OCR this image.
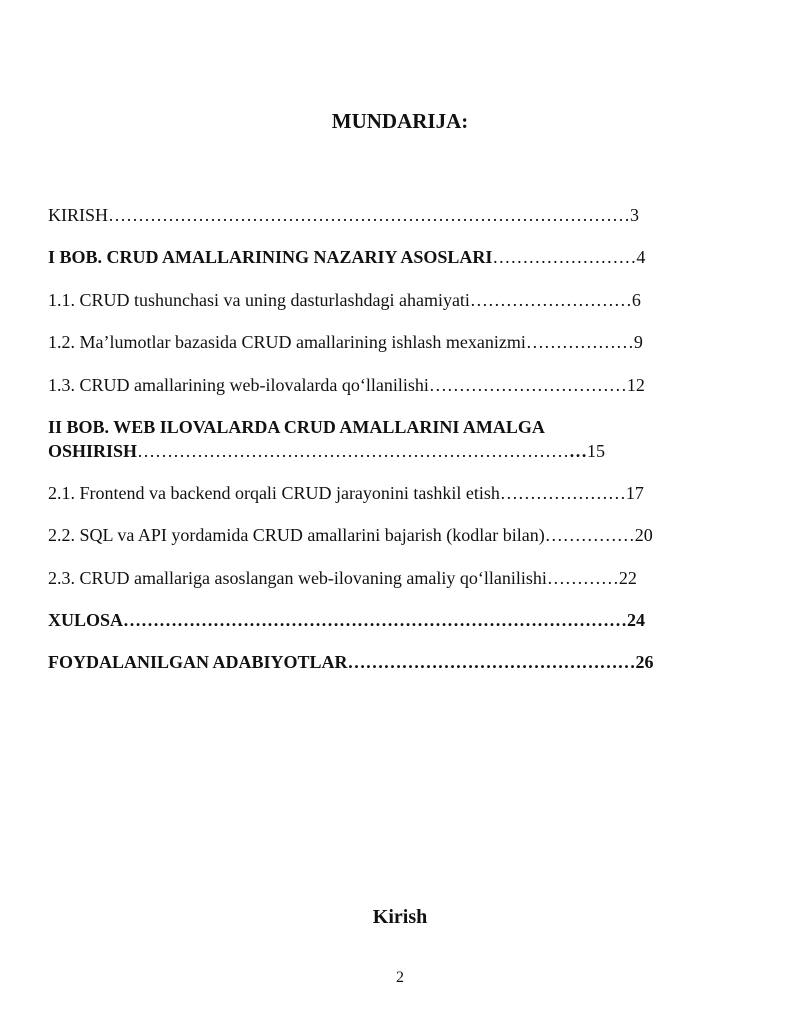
MUNDARIJA:
KIRISH……………………………………………………………………………3
I BOB. CRUD AMALLARINING NAZARIY ASOSLARI……………………4
1.1. CRUD tushunchasi va uning dasturlashdagi ahamiyati………………………6
1.2. Ma’lumotlar bazasida CRUD amallarining ishlash mexanizmi………………9
1.3. CRUD amallarining web-ilovalarda qo‘llanilishi……………………………12
II BOB. WEB ILOVALARDA CRUD AMALLARINI AMALGA
OSHIRISH…………………………………………………………………15
2.1. Frontend va backend orqali CRUD jarayonini tashkil etish…………………17
2.2. SQL va API yordamida CRUD amallarini bajarish (kodlar bilan)……………20
2.3. CRUD amallariga asoslangan web-ilovaning amaliy qo‘llanilishi…………22
XULOSA…………………………………………………………………………24
FOYDALANILGAN ADABIYOTLAR…………………………………………26
Kirish
2
